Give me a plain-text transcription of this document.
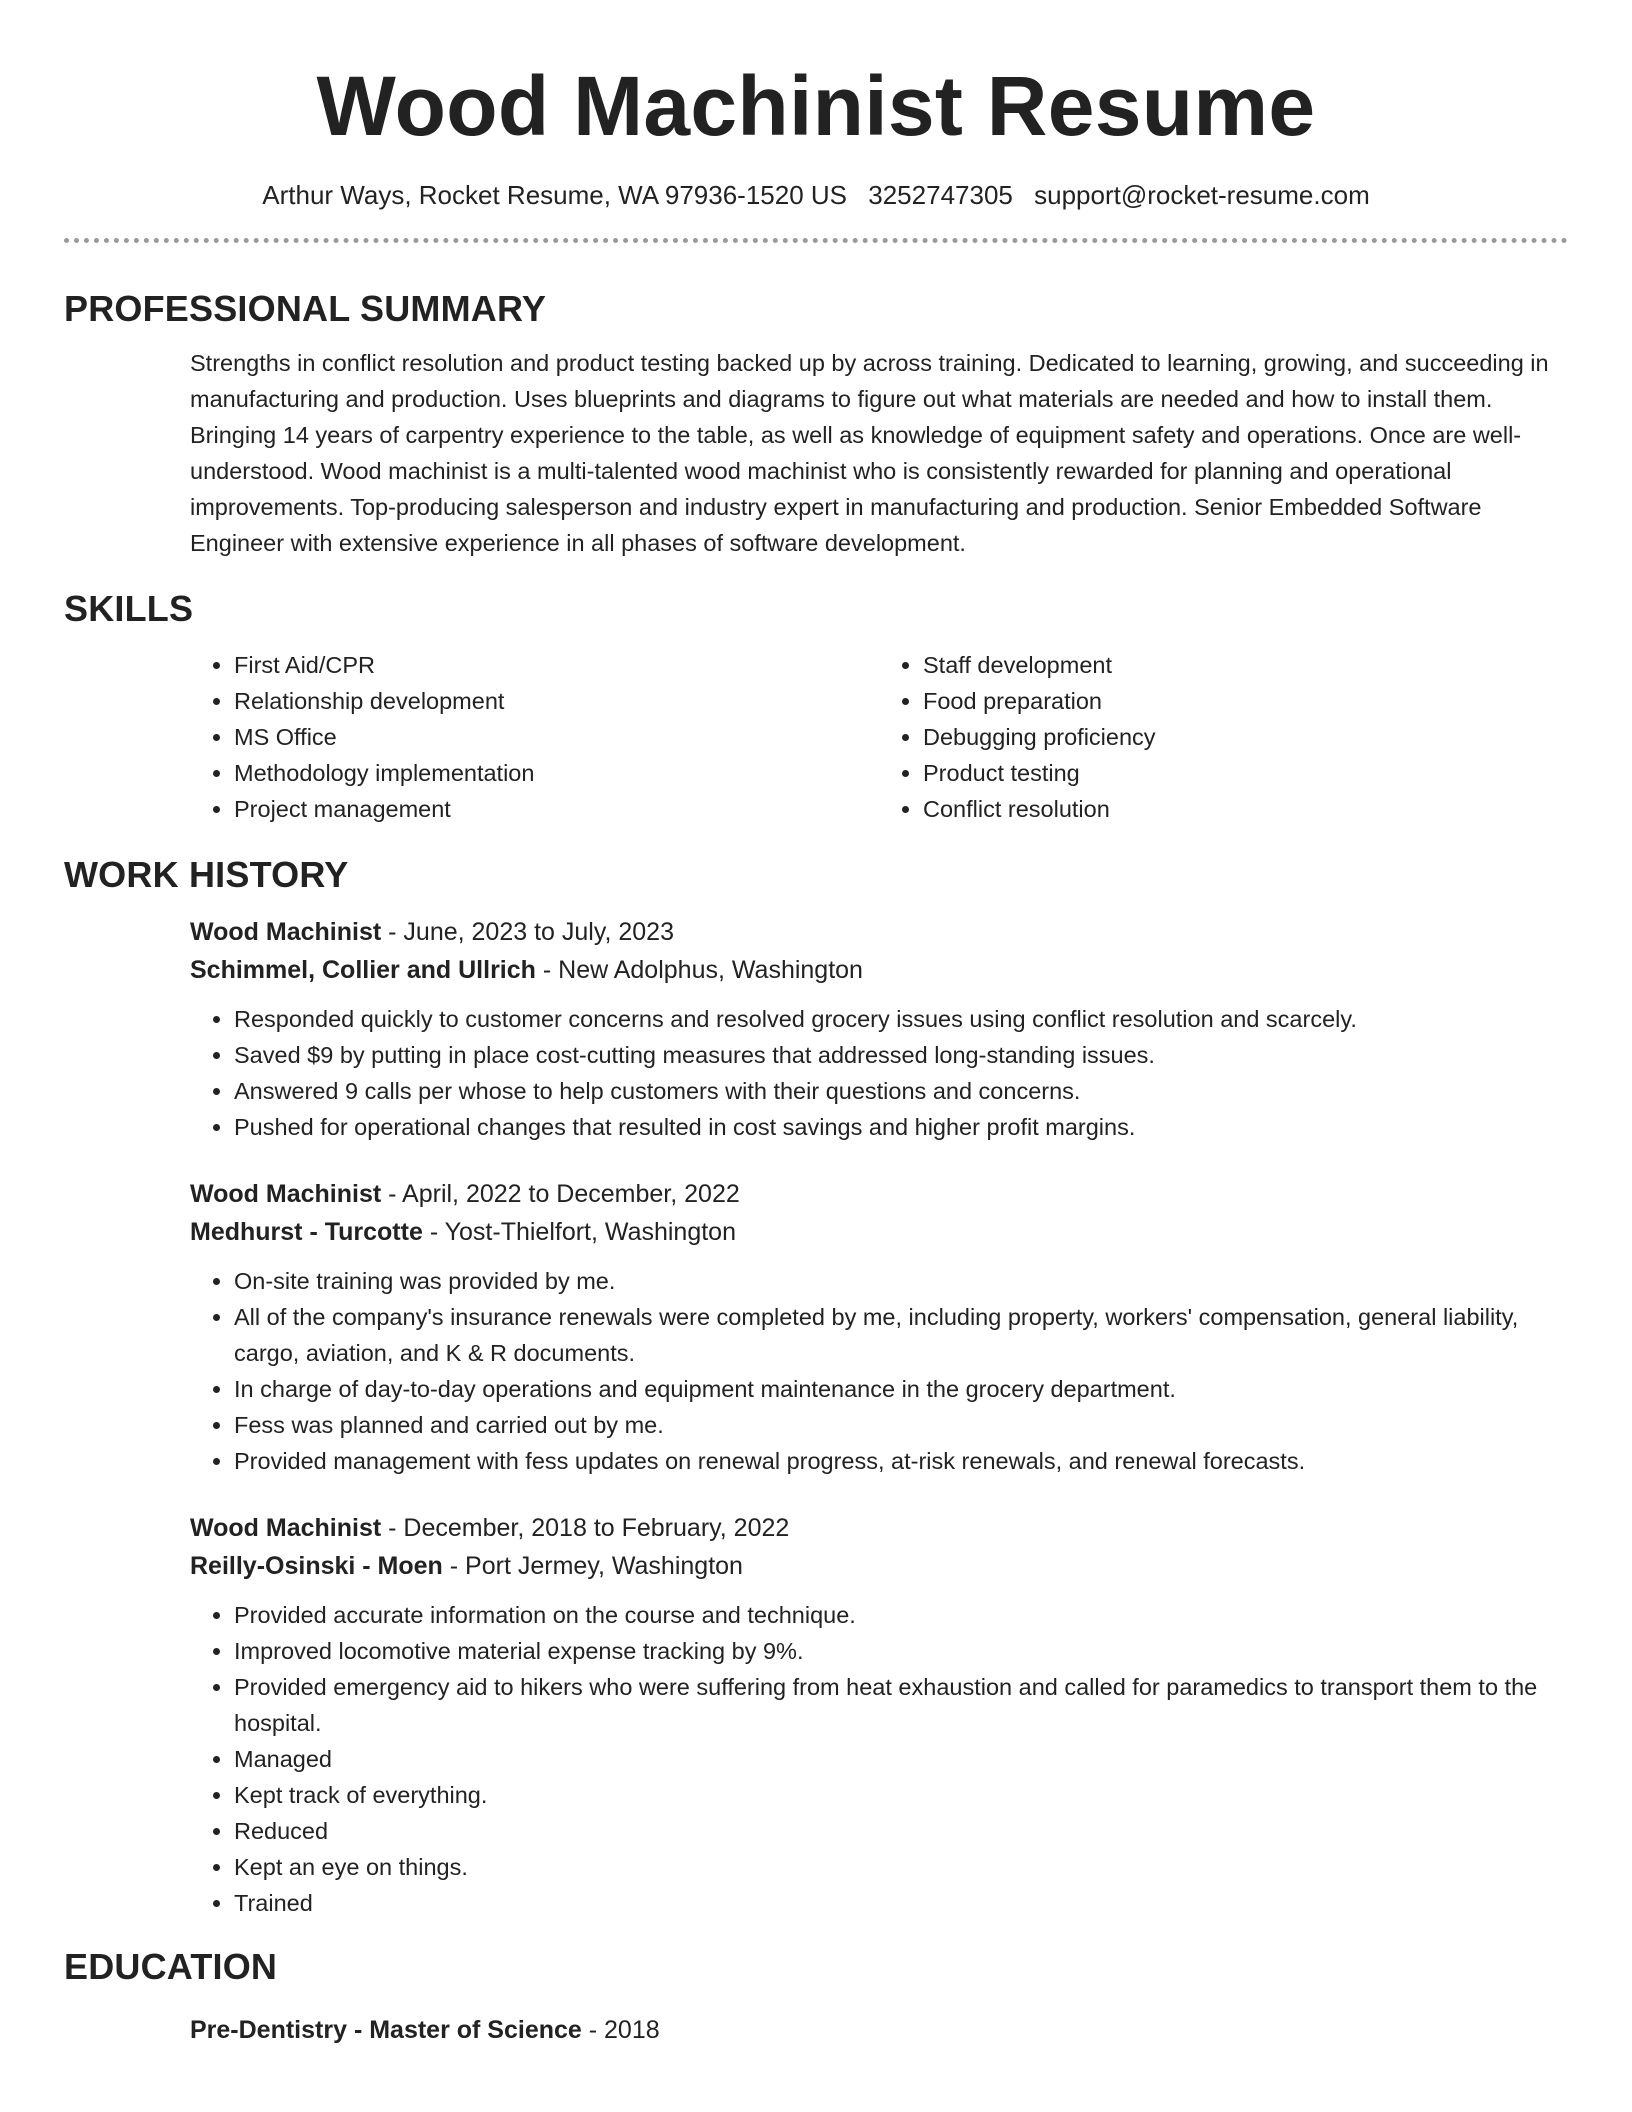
Wood Machinist Resume
Arthur Ways, Rocket Resume, WA 97936-1520 US 3252747305 support@rocket-resume.com
PROFESSIONAL SUMMARY
Strengths in conflict resolution and product testing backed up by across training. Dedicated to learning, growing, and succeeding in manufacturing and production. Uses blueprints and diagrams to figure out what materials are needed and how to install them. Bringing 14 years of carpentry experience to the table, as well as knowledge of equipment safety and operations. Once are well-understood. Wood machinist is a multi-talented wood machinist who is consistently rewarded for planning and operational improvements. Top-producing salesperson and industry expert in manufacturing and production. Senior Embedded Software Engineer with extensive experience in all phases of software development.
SKILLS
• First Aid/CPR
• Relationship development
• MS Office
• Methodology implementation
• Project management
• Staff development
• Food preparation
• Debugging proficiency
• Product testing
• Conflict resolution
WORK HISTORY
Wood Machinist - June, 2023 to July, 2023
Schimmel, Collier and Ullrich - New Adolphus, Washington
• Responded quickly to customer concerns and resolved grocery issues using conflict resolution and scarcely.
• Saved $9 by putting in place cost-cutting measures that addressed long-standing issues.
• Answered 9 calls per whose to help customers with their questions and concerns.
• Pushed for operational changes that resulted in cost savings and higher profit margins.
Wood Machinist - April, 2022 to December, 2022
Medhurst - Turcotte - Yost-Thielfort, Washington
• On-site training was provided by me.
• All of the company's insurance renewals were completed by me, including property, workers' compensation, general liability, cargo, aviation, and K & R documents.
• In charge of day-to-day operations and equipment maintenance in the grocery department.
• Fess was planned and carried out by me.
• Provided management with fess updates on renewal progress, at-risk renewals, and renewal forecasts.
Wood Machinist - December, 2018 to February, 2022
Reilly-Osinski - Moen - Port Jermey, Washington
• Provided accurate information on the course and technique.
• Improved locomotive material expense tracking by 9%.
• Provided emergency aid to hikers who were suffering from heat exhaustion and called for paramedics to transport them to the hospital.
• Managed
• Kept track of everything.
• Reduced
• Kept an eye on things.
• Trained
EDUCATION
Pre-Dentistry - Master of Science - 2018
